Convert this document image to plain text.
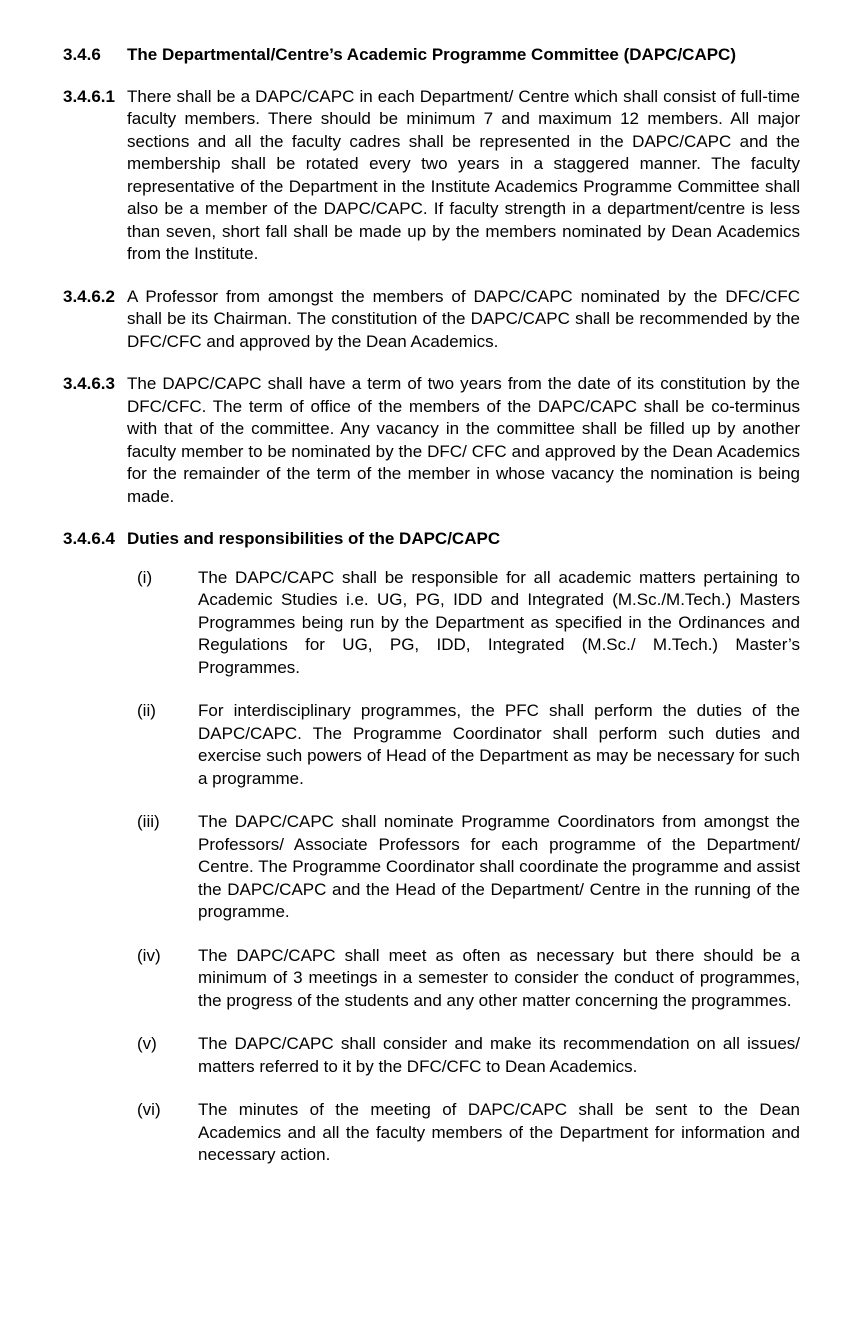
3.4.6	The Departmental/Centre’s Academic Programme Committee (DAPC/CAPC)
3.4.6.1 There shall be a DAPC/CAPC in each Department/ Centre which shall consist of full-time faculty members. There should be minimum 7 and maximum 12 members. All major sections and all the faculty cadres shall be represented in the DAPC/CAPC and the membership shall be rotated every two years in a staggered manner. The faculty representative of the Department in the Institute Academics Programme Committee shall also be a member of the DAPC/CAPC. If faculty strength in a department/centre is less than seven, short fall shall be made up by the members nominated by Dean Academics from the Institute.

3.4.6.2 A Professor from amongst the members of DAPC/CAPC nominated by the DFC/CFC shall be its Chairman. The constitution of the DAPC/CAPC shall be recommended by the DFC/CFC and approved by the Dean Academics.

3.4.6.3 The DAPC/CAPC shall have a term of two years from the date of its constitution by the DFC/CFC. The term of office of the members of the DAPC/CAPC shall be co-terminus with that of the committee. Any vacancy in the committee shall be filled up by another faculty member to be nominated by the DFC/ CFC and approved by the Dean Academics for the remainder of the term of the member in whose vacancy the nomination is being made.

3.4.6.4 Duties and responsibilities of the DAPC/CAPC
(i)	The DAPC/CAPC shall be responsible for all academic matters pertaining to Academic Studies i.e. UG, PG, IDD and Integrated (M.Sc./M.Tech.) Masters Programmes being run by the Department as specified in the Ordinances and Regulations for UG, PG, IDD, Integrated (M.Sc./ M.Tech.) Master’s Programmes.

(ii)	For interdisciplinary programmes, the PFC shall perform the duties of the DAPC/CAPC. The Programme Coordinator shall perform such duties and exercise such powers of Head of the Department as may be necessary for such a programme.

(iii)	The DAPC/CAPC shall nominate Programme Coordinators from amongst the Professors/ Associate Professors for each programme of the Department/ Centre. The Programme Coordinator shall coordinate the programme and assist the DAPC/CAPC and the Head of the Department/ Centre in the running of the programme.

(iv)	The DAPC/CAPC shall meet as often as necessary but there should be a minimum of 3 meetings in a semester to consider the conduct of programmes, the progress of the students and any other matter concerning the programmes.

(v)	The DAPC/CAPC shall consider and make its recommendation on all issues/ matters referred to it by the DFC/CFC to Dean Academics.

(vi)	The minutes of the meeting of DAPC/CAPC shall be sent to the Dean Academics and all the faculty members of the Department for information and necessary action.
